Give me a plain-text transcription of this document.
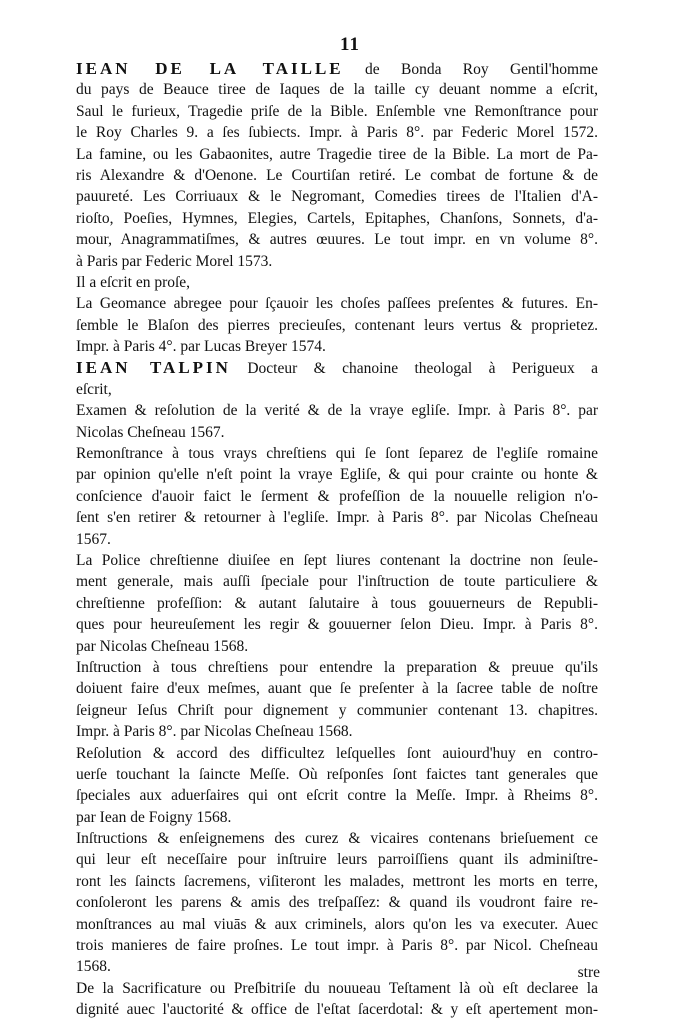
11
IEAN DE LA TAILLE de Bonda Roy Gentil'homme
du pays de Beauce tiree de Iaques de la taille cy deuant nomme a eſcrit,
Saul le furieux, Tragedie priſe de la Bible. Enſemble vne Remonſtrance pour
le Roy Charles 9. a ſes ſubiects. Impr. à Paris 8°. par Federic Morel 1572.
La famine, ou les Gabaonites, autre Tragedie tiree de la Bible. La mort de Pa-
ris Alexandre & d'Oenone. Le Courtiſan retiré. Le combat de fortune & de
pauureté. Les Corriuaux & le Negromant, Comedies tirees de l'Italien d'A-
rioſto, Poeſies, Hymnes, Elegies, Cartels, Epitaphes, Chanſons, Sonnets, d'a-
mour, Anagrammatiſmes, & autres œuures. Le tout impr. en vn volume 8°.
à Paris par Federic Morel 1573.
Il a eſcrit en proſe,
La Geomance abregee pour ſçauoir les choſes paſſees preſentes & futures. En-
ſemble le Blaſon des pierres precieuſes, contenant leurs vertus & proprietez.
Impr. à Paris 4°. par Lucas Breyer 1574.
IEAN TALPIN Docteur & chanoine theologal à Perigueux a
eſcrit,
Examen & reſolution de la verité & de la vraye egliſe. Impr. à Paris 8°. par
Nicolas Cheſneau 1567.
Remonſtrance à tous vrays chreſtiens qui ſe ſont ſeparez de l'egliſe romaine
par opinion qu'elle n'eſt point la vraye Egliſe, & qui pour crainte ou honte &
conſcience d'auoir faict le ſerment & profeſſion de la nouuelle religion n'o-
ſent s'en retirer & retourner à l'egliſe. Impr. à Paris 8°. par Nicolas Cheſneau
1567.
La Police chreſtienne diuiſee en ſept liures contenant la doctrine non ſeule-
ment generale, mais auſſi ſpeciale pour l'inſtruction de toute particuliere &
chreſtienne profeſſion: & autant ſalutaire à tous gouuerneurs de Republi-
ques pour heureuſement les regir & gouuerner ſelon Dieu. Impr. à Paris 8°.
par Nicolas Cheſneau 1568.
Inſtruction à tous chreſtiens pour entendre la preparation & preuue qu'ils
doiuent faire d'eux meſmes, auant que ſe preſenter à la ſacree table de noſtre
ſeigneur Ieſus Chriſt pour dignement y communier contenant 13. chapitres.
Impr. à Paris 8°. par Nicolas Cheſneau 1568.
Reſolution & accord des difficultez leſquelles ſont auiourd'huy en contro-
uerſe touchant la ſaincte Meſſe. Où reſponſes ſont faictes tant generales que
ſpeciales aux aduerſaires qui ont eſcrit contre la Meſſe. Impr. à Rheims 8°.
par Iean de Foigny 1568.
Inſtructions & enſeignemens des curez & vicaires contenans brieſuement ce
qui leur eſt neceſſaire pour inſtruire leurs parroiſſiens quant ils adminiſtre-
ront les ſaincts ſacremens, viſiteront les malades, mettront les morts en terre,
conſoleront les parens & amis des treſpaſſez: & quand ils voudront faire re-
monſtrances au mal viuās & aux criminels, alors qu'on les va executer. Auec
trois manieres de faire proſnes. Le tout impr. à Paris 8°. par Nicol. Cheſneau
1568.
De la Sacrificature ou Preſbitriſe du nouueau Teſtament là où eſt declaree la
dignité auec l'auctorité & office de l'eſtat ſacerdotal: & y eſt apertement mon-
stre
